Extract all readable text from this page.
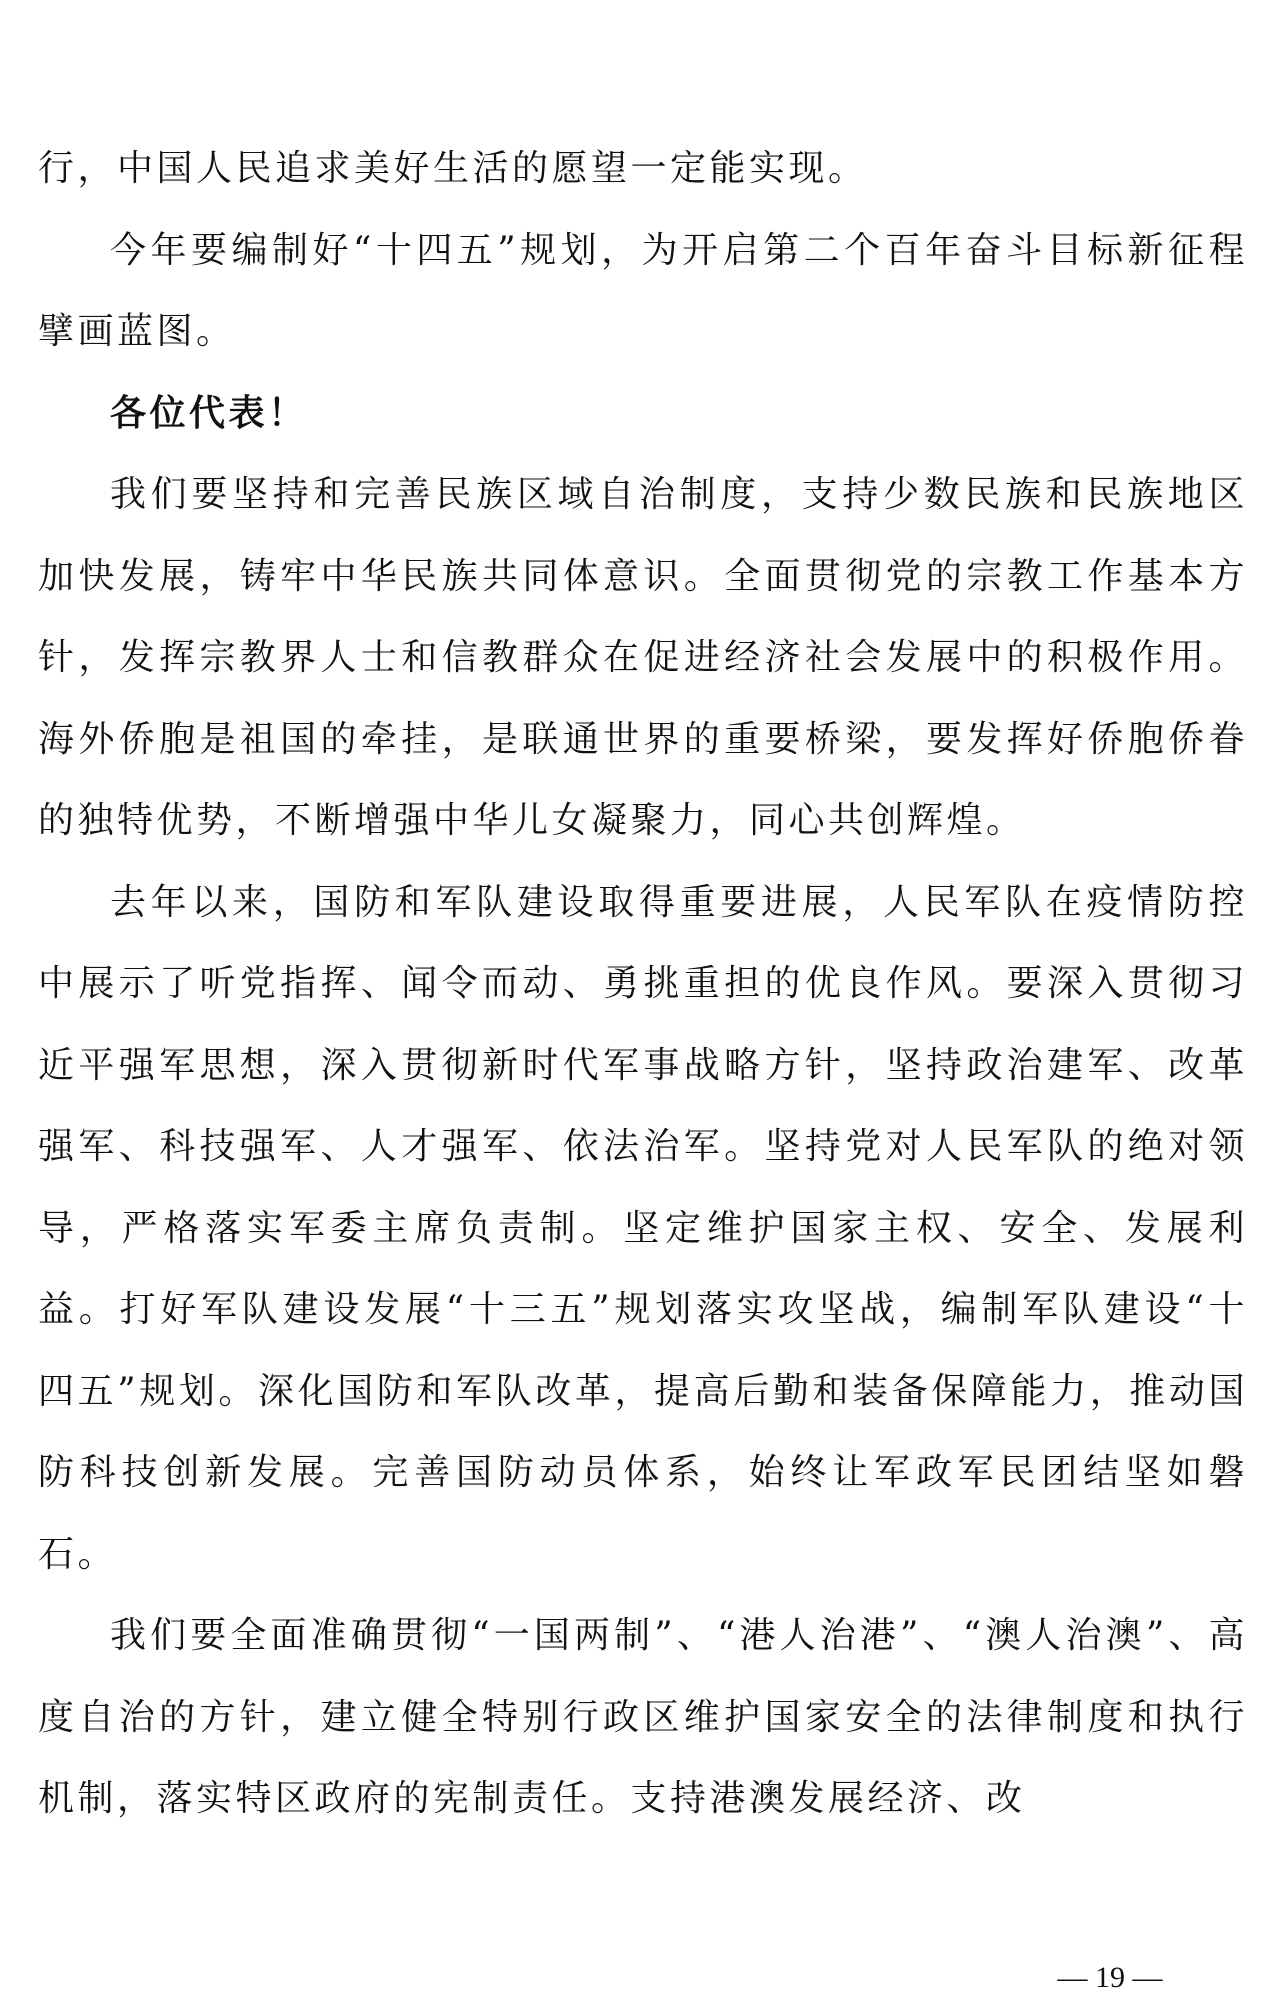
行，中国人民追求美好生活的愿望一定能实现。

今年要编制好“十四五”规划，为开启第二个百年奋斗目标新征程擘画蓝图。

各位代表！

我们要坚持和完善民族区域自治制度，支持少数民族和民族地区加快发展，铸牢中华民族共同体意识。全面贯彻党的宗教工作基本方针，发挥宗教界人士和信教群众在促进经济社会发展中的积极作用。海外侨胞是祖国的牵挂，是联通世界的重要桥梁，要发挥好侨胞侨眷的独特优势，不断增强中华儿女凝聚力，同心共创辉煌。

去年以来，国防和军队建设取得重要进展，人民军队在疫情防控中展示了听党指挥、闻令而动、勇挑重担的优良作风。要深入贯彻习近平强军思想，深入贯彻新时代军事战略方针，坚持政治建军、改革强军、科技强军、人才强军、依法治军。坚持党对人民军队的绝对领导，严格落实军委主席负责制。坚定维护国家主权、安全、发展利益。打好军队建设发展“十三五”规划落实攻坚战，编制军队建设“十四五”规划。深化国防和军队改革，提高后勤和装备保障能力，推动国防科技创新发展。完善国防动员体系，始终让军政军民团结坚如磐石。

我们要全面准确贯彻“一国两制”、“港人治港”、“澳人治澳”、高度自治的方针，建立健全特别行政区维护国家安全的法律制度和执行机制，落实特区政府的宪制责任。支持港澳发展经济、改

— 19 —
